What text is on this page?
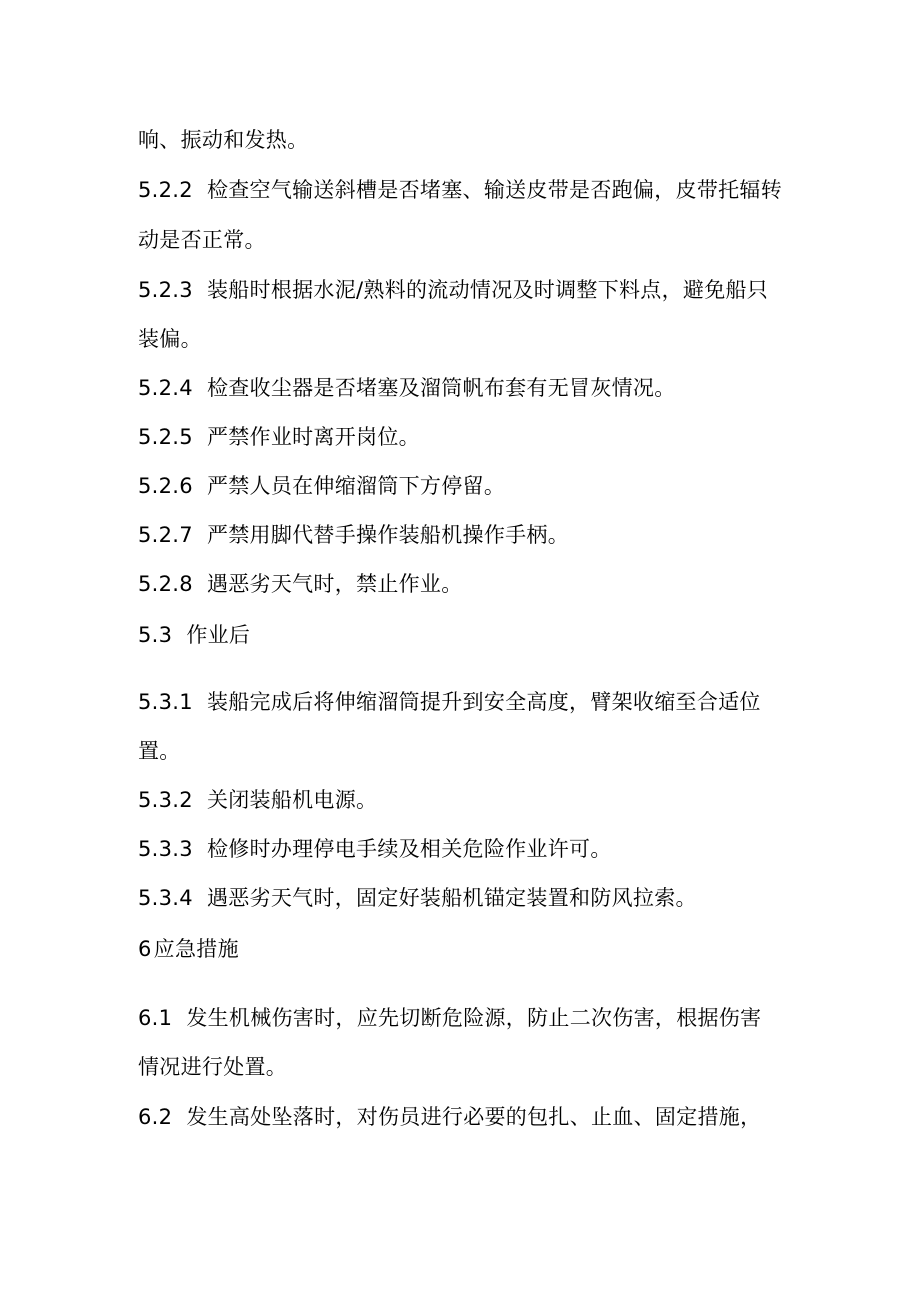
响、振动和发热。
5.2.2 检查空气输送斜槽是否堵塞、输送皮带是否跑偏，皮带托辐转
动是否正常。
5.2.3 装船时根据水泥/熟料的流动情况及时调整下料点，避免船只
装偏。
5.2.4 检查收尘器是否堵塞及溜筒帆布套有无冒灰情况。
5.2.5 严禁作业时离开岗位。
5.2.6 严禁人员在伸缩溜筒下方停留。
5.2.7 严禁用脚代替手操作装船机操作手柄。
5.2.8 遇恶劣天气时，禁止作业。
5.3 作业后
5.3.1 装船完成后将伸缩溜筒提升到安全高度，臂架收缩至合适位
置。
5.3.2 关闭装船机电源。
5.3.3 检修时办理停电手续及相关危险作业许可。
5.3.4 遇恶劣天气时，固定好装船机锚定装置和防风拉索。
6应急措施
6.1 发生机械伤害时，应先切断危险源，防止二次伤害，根据伤害
情况进行处置。
6.2 发生高处坠落时，对伤员进行必要的包扎、止血、固定措施，
